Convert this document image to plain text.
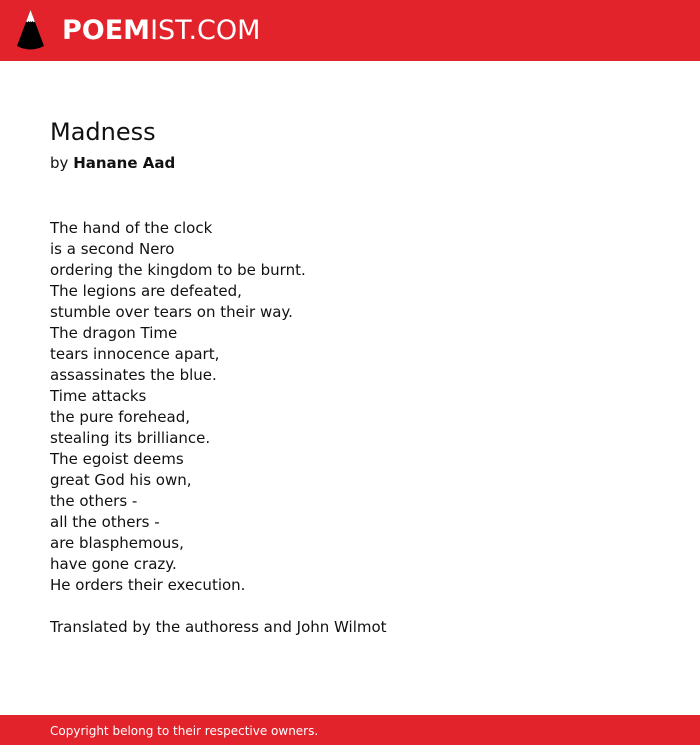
POEM IST.COM
Madness
by Hanane Aad
The hand of the clock
is a second Nero
ordering the kingdom to be burnt.
The legions are defeated,
stumble over tears on their way.
The dragon Time
tears innocence apart,
assassinates the blue.
Time attacks
the pure forehead,
stealing its brilliance.
The egoist deems
great God his own,
the others -
all the others -
are blasphemous,
have gone crazy.
He orders their execution.
Translated by the authoress and John Wilmot
Copyright belong to their respective owners.
